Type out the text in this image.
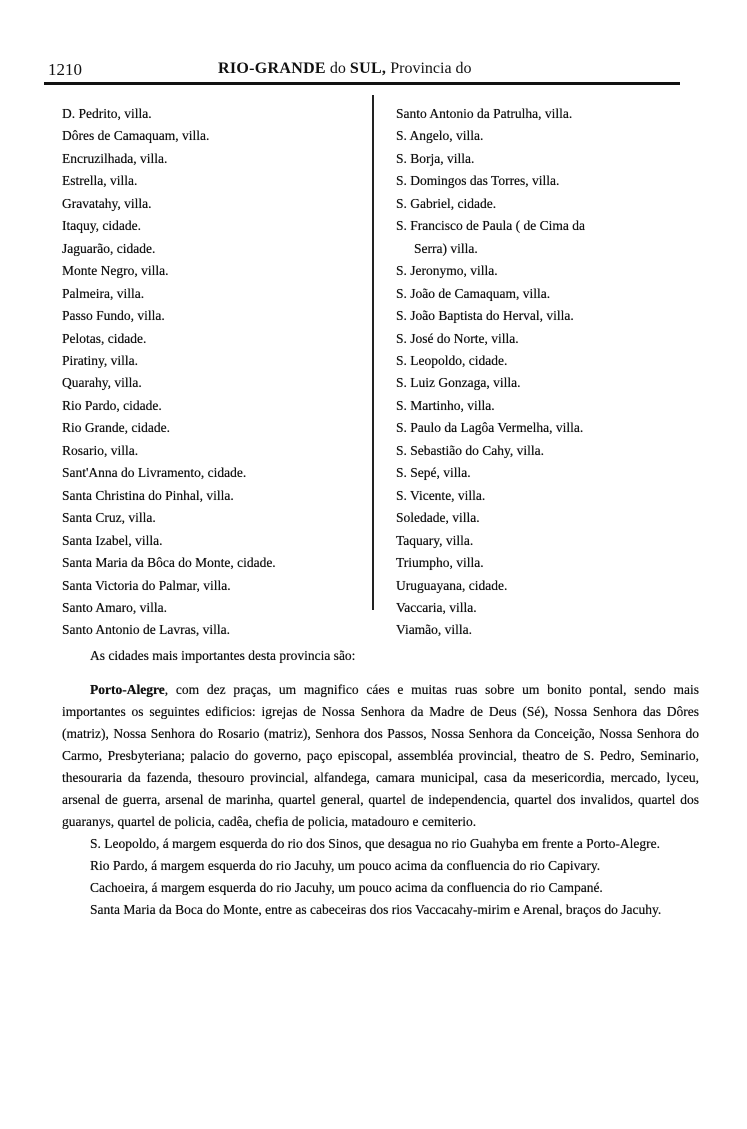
1210	RIO-GRANDE do SUL, Provincia do
D. Pedrito, villa.
Dôres de Camaquam, villa.
Encruzilhada, villa.
Estrella, villa.
Gravatahy, villa.
Itaquy, cidade.
Jaguarão, cidade.
Monte Negro, villa.
Palmeira, villa.
Passo Fundo, villa.
Pelotas, cidade.
Piratiny, villa.
Quarahy, villa.
Rio Pardo, cidade.
Rio Grande, cidade.
Rosario, villa.
Sant'Anna do Livramento, cidade.
Santa Christina do Pinhal, villa.
Santa Cruz, villa.
Santa Izabel, villa.
Santa Maria da Bôca do Monte, cidade.
Santa Victoria do Palmar, villa.
Santo Amaro, villa.
Santo Antonio de Lavras, villa.
Santo Antonio da Patrulha, villa.
S. Angelo, villa.
S. Borja, villa.
S. Domingos das Torres, villa.
S. Gabriel, cidade.
S. Francisco de Paula ( de Cima da
Serra) villa.
S. Jeronymo, villa.
S. João de Camaquam, villa.
S. João Baptista do Herval, villa.
S. José do Norte, villa.
S. Leopoldo, cidade.
S. Luiz Gonzaga, villa.
S. Martinho, villa.
S. Paulo da Lagôa Vermelha, villa.
S. Sebastião do Cahy, villa.
S. Sepé, villa.
S. Vicente, villa.
Soledade, villa.
Taquary, villa.
Triumpho, villa.
Uruguayana, cidade.
Vaccaria, villa.
Viamão, villa.

As cidades mais importantes desta provincia são:

Porto-Alegre, com dez praças, um magnifico cáes e muitas ruas sobre um bonito pontal, sendo mais importantes os seguintes edificios: igrejas de Nossa Senhora da Madre de Deus (Sé), Nossa Senhora das Dôres (matriz), Nossa Senhora do Rosario (matriz), Senhora dos Passos, Nossa Senhora da Conceição, Nossa Senhora do Carmo, Presbyteriana; palacio do governo, paço episcopal, assembléa provincial, theatro de S. Pedro, Seminario, thesouraria da fazenda, thesouro provincial, alfandega, camara municipal, casa da mesericordia, mercado, lyceu, arsenal de guerra, arsenal de marinha, quartel general, quartel de independencia, quartel dos invalidos, quartel dos guaranys, quartel de policia, cadêa, chefia de policia, matadouro e cemiterio.

S. Leopoldo, á margem esquerda do rio dos Sinos, que desagua no rio Guahyba em frente a Porto-Alegre.

Rio Pardo, á margem esquerda do rio Jacuhy, um pouco acima da confluencia do rio Capivary.

Cachoeira, á margem esquerda do rio Jacuhy, um pouco acima da confluencia do rio Campané.

Santa Maria da Boca do Monte, entre as cabeceiras dos rios Vaccacahy-mirim e Arenal, braços do Jacuhy.
